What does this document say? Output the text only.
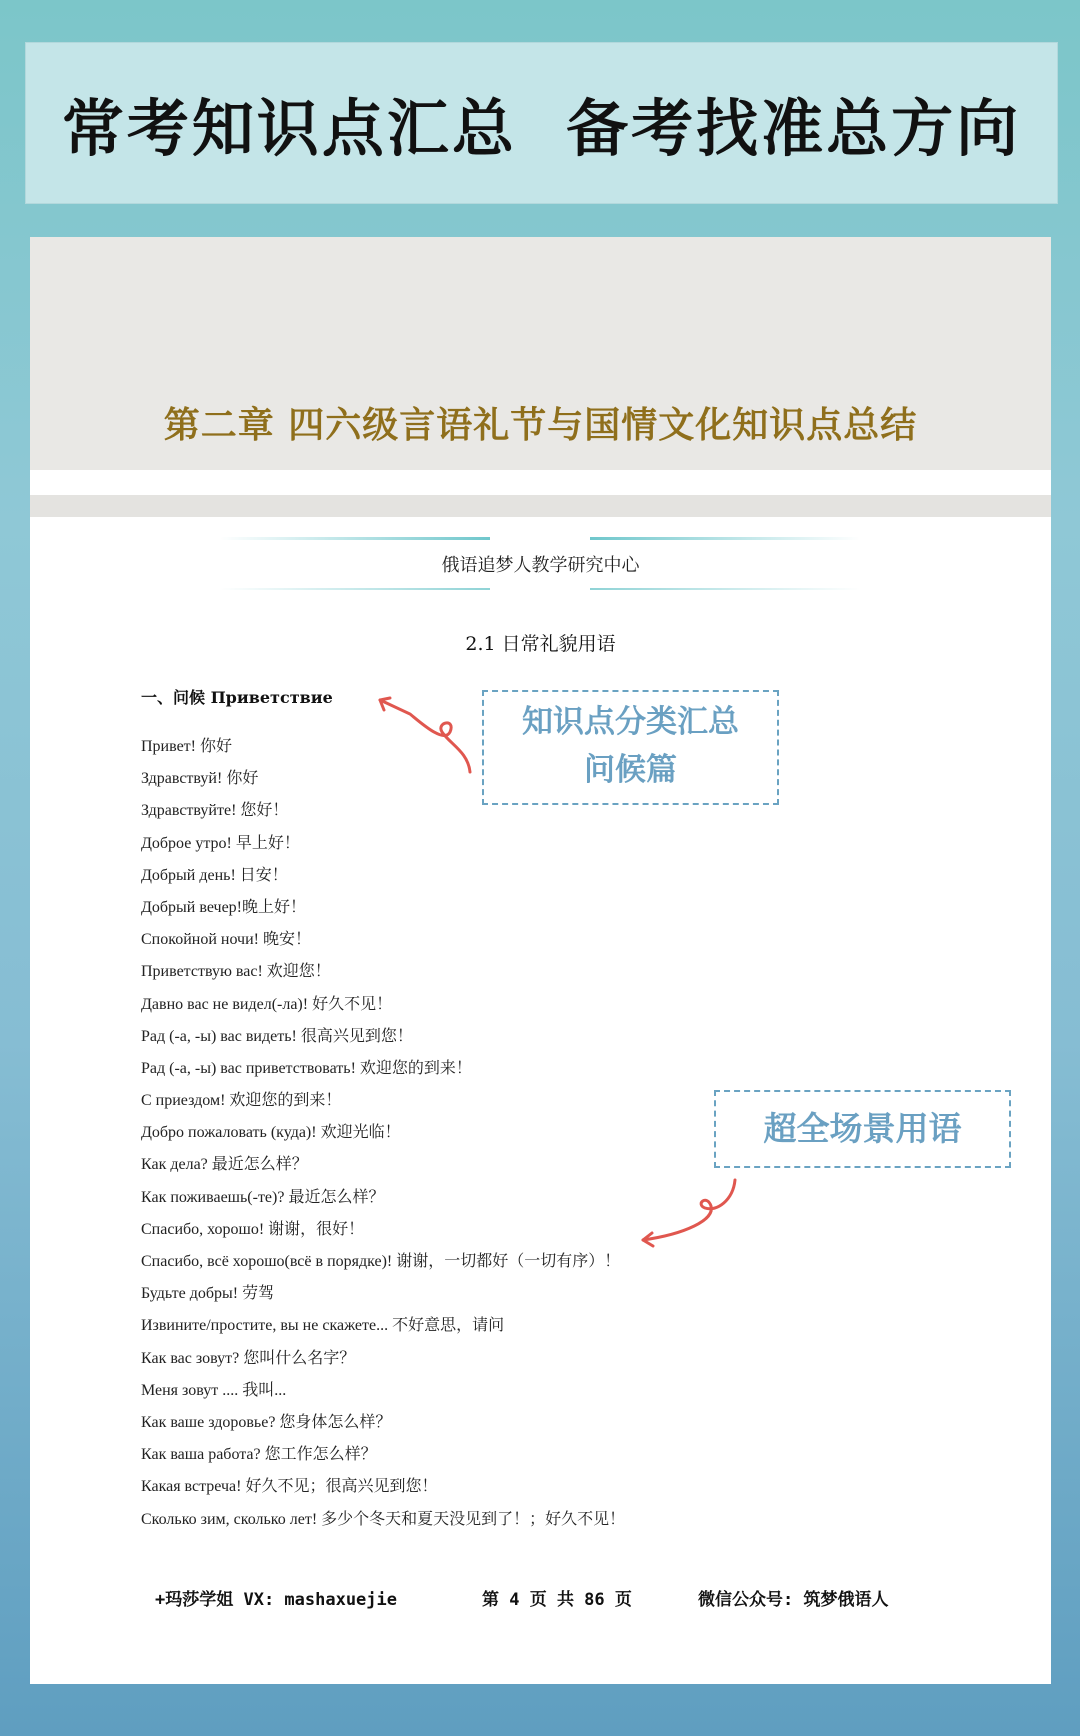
常考知识点汇总  备考找准总方向
第二章 四六级言语礼节与国情文化知识点总结
俄语追梦人教学研究中心
2.1 日常礼貌用语
一、问候 Приветствие
Привет! 你好
Здравствуй! 你好
Здравствуйте! 您好！
Доброе утро! 早上好！
Добрый день! 日安！
Добрый вечер!晚上好！
Спокойной ночи! 晚安！
Приветствую вас! 欢迎您！
Давно вас не видел(-ла)! 好久不见！
Рад (-а, -ы) вас видеть! 很高兴见到您！
Рад (-а, -ы) вас приветствовать! 欢迎您的到来！
С приездом! 欢迎您的到来！
Добро пожаловать (куда)! 欢迎光临！
Как дела? 最近怎么样？
Как поживаешь(-те)? 最近怎么样？
Спасибо, хорошо! 谢谢，很好！
Спасибо, всё хорошо(всё в порядке)! 谢谢，一切都好（一切有序）！
Будьте добры! 劳驾
Извините/простите, вы не скажете... 不好意思，请问
Как вас зовут? 您叫什么名字？
Меня зовут .... 我叫...
Как ваше здоровье? 您身体怎么样？
Как ваша работа? 您工作怎么样？
Какая встреча! 好久不见；很高兴见到您！
Сколько зим, сколько лет! 多少个冬天和夏天没见到了！；好久不见！
知识点分类汇总
问候篇
超全场景用语
+玛莎学姐 VX: mashaxuejie	第 4 页 共 86 页	微信公众号: 筑梦俄语人
